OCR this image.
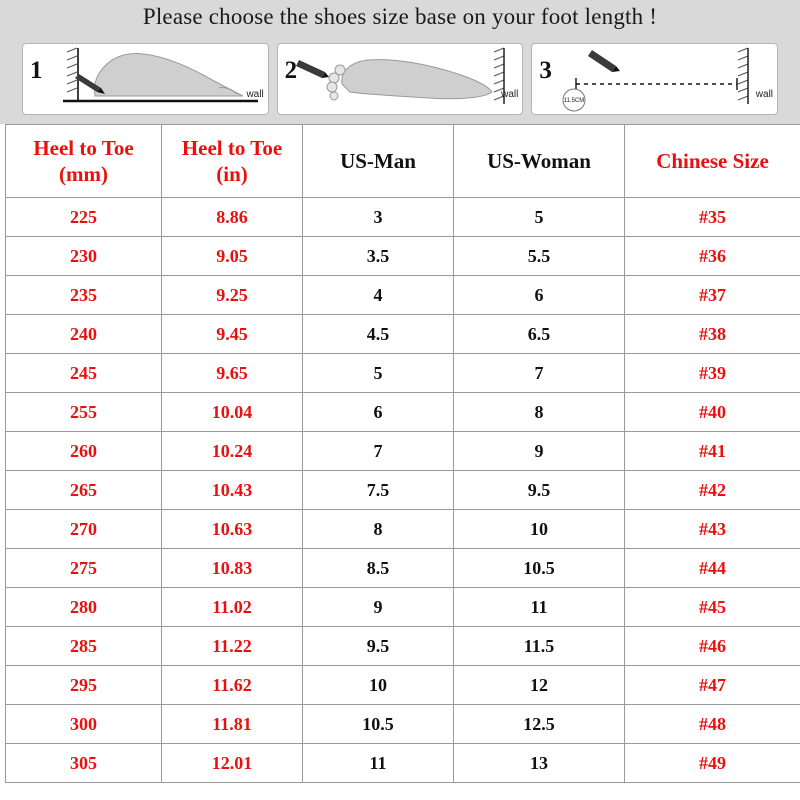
Please choose the shoes size base on your foot length !
1
wall
2
wall
3
11.5CM
wall
Heel to Toe
(mm)

Heel to Toe
(in)

US-Man	US-Woman	Chinese Size

225	8.86	3	5	#35
230	9.05	3.5	5.5	#36
235	9.25	4	6	#37
240	9.45	4.5	6.5	#38
245	9.65	5	7	#39
255	10.04	6	8	#40
260	10.24	7	9	#41
265	10.43	7.5	9.5	#42
270	10.63	8	10	#43
275	10.83	8.5	10.5	#44
280	11.02	9	11	#45
285	11.22	9.5	11.5	#46
295	11.62	10	12	#47
300	11.81	10.5	12.5	#48
305	12.01	11	13	#49
